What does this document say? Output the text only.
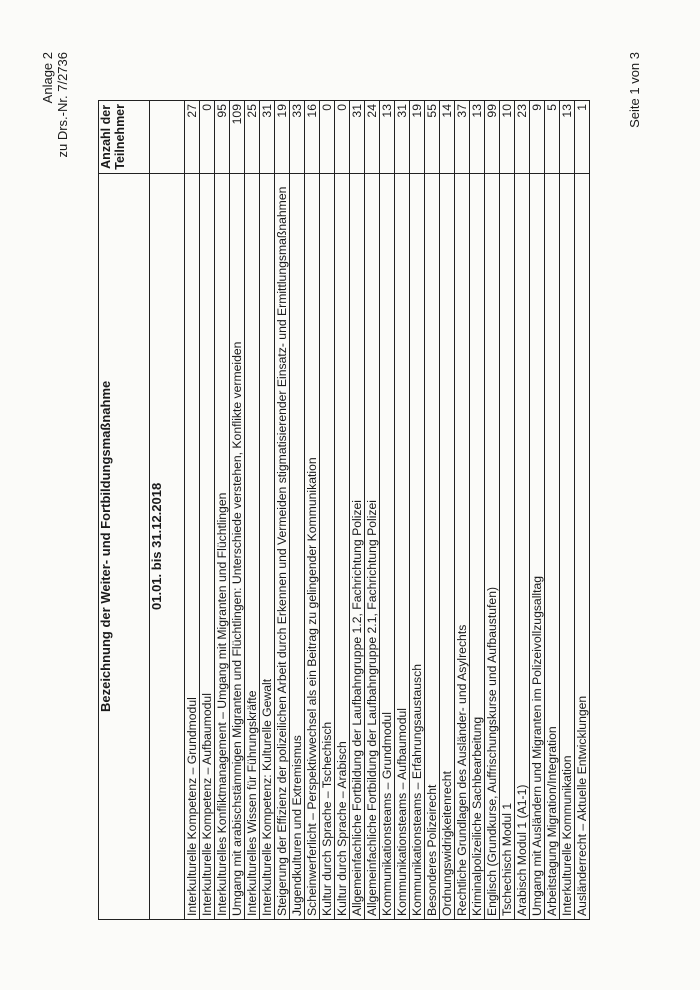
Anlage 2 zu Drs.-Nr. 7/2736
Bezeichnung der Weiter- und Fortbildungsmaßnahme	Anzahl der Teilnehmer

01.01. bis 31.12.2018	
Interkulturelle Kompetenz – Grundmodul	27
Interkulturelle Kompetenz – Aufbaumodul	0
Interkulturelles Konfliktmanagement – Umgang mit Migranten und Flüchtlingen	95
Umgang mit arabischstämmigen Migranten und Flüchtlingen: Unterschiede verstehen, Konflikte vermeiden	109
Interkulturelles Wissen für Führungskräfte	25
Interkulturelle Kompetenz: Kulturelle Gewalt	31
Steigerung der Effizienz der polizeilichen Arbeit durch Erkennen und Vermeiden stigmatisierender Einsatz- und Ermittlungsmaßnahmen	19
Jugendkulturen und Extremismus	33
Scheinwerferlicht – Perspektivwechsel als ein Beitrag zu gelingender Kommunikation	16
Kultur durch Sprache – Tschechisch	0
Kultur durch Sprache – Arabisch	0
Allgemeinfachliche Fortbildung der Laufbahngruppe 1.2, Fachrichtung Polizei	31
Allgemeinfachliche Fortbildung der Laufbahngruppe 2.1, Fachrichtung Polizei	24
Kommunikationsteams – Grundmodul	13
Kommunikationsteams – Aufbaumodul	31
Kommunikationsteams – Erfahrungsaustausch	19
Besonderes Polizeirecht	55
Ordnungswidrigkeitenrecht	14
Rechtliche Grundlagen des Ausländer- und Asylrechts	37
Kriminalpolizeiliche Sachbearbeitung	13
Englisch (Grundkurse, Auffrischungskurse und Aufbaustufen)	99
Tschechisch Modul 1	10
Arabisch Modul 1 (A1-1)	23
Umgang mit Ausländern und Migranten im Polizeivollzugsalltag	9
Arbeitstagung Migration/Integration	5
Interkulturelle Kommunikation	13
Ausländerrecht – Aktuelle Entwicklungen	1	Seite 1 von 3
